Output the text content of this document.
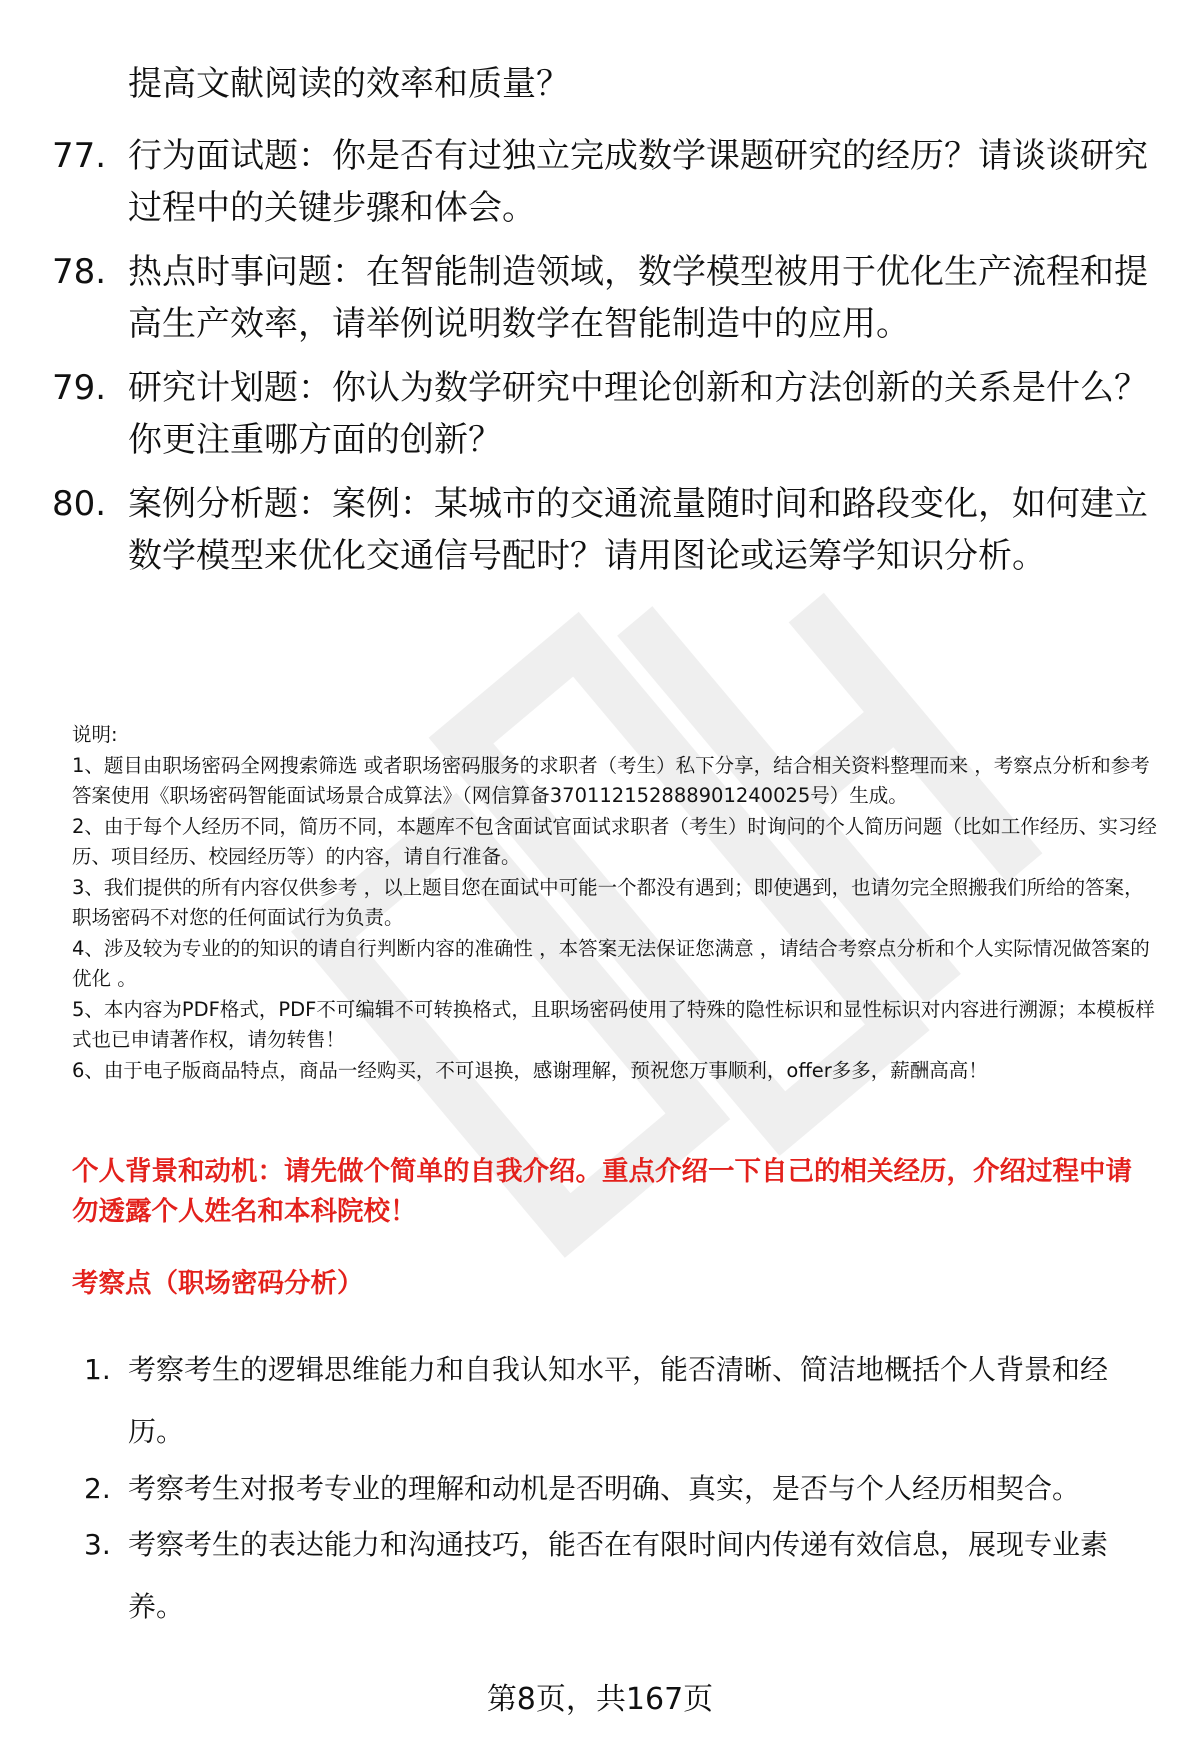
提高文献阅读的效率和质量？

77. 行为面试题：你是否有过独立完成数学课题研究的经历？请谈谈研究过程中的关键步骤和体会。

78. 热点时事问题：在智能制造领域，数学模型被用于优化生产流程和提高生产效率，请举例说明数学在智能制造中的应用。

79. 研究计划题：你认为数学研究中理论创新和方法创新的关系是什么？你更注重哪方面的创新？

80. 案例分析题：案例：某城市的交通流量随时间和路段变化，如何建立数学模型来优化交通信号配时？请用图论或运筹学知识分析。

说明:

1、题目由职场密码全网搜索筛选 或者职场密码服务的求职者（考生）私下分享，结合相关资料整理而来 ，考察点分析和参考答案使用《职场密码智能面试场景合成算法》（网信算备370112152888901240025号）生成。

2、由于每个人经历不同，简历不同，本题库不包含面试官面试求职者（考生）时询问的个人简历问题（比如工作经历、实习经历、项目经历、校园经历等）的内容，请自行准备。

3、我们提供的所有内容仅供参考 ，以上题目您在面试中可能一个都没有遇到；即使遇到，也请勿完全照搬我们所给的答案，职场密码不对您的任何面试行为负责。

4、涉及较为专业的的知识的请自行判断内容的准确性 ，本答案无法保证您满意 ，请结合考察点分析和个人实际情况做答案的优化 。

5、本内容为PDF格式，PDF不可编辑不可转换格式，且职场密码使用了特殊的隐性标识和显性标识对内容进行溯源；本模板样式也已申请著作权，请勿转售！

6、由于电子版商品特点，商品一经购买，不可退换，感谢理解，预祝您万事顺利，offer多多，薪酬高高！

个人背景和动机：请先做个简单的自我介绍。重点介绍一下自己的相关经历，介绍过程中请勿透露个人姓名和本科院校！

考察点（职场密码分析）

1. 考察考生的逻辑思维能力和自我认知水平，能否清晰、简洁地概括个人背景和经历。

2. 考察考生对报考专业的理解和动机是否明确、真实，是否与个人经历相契合。

3. 考察考生的表达能力和沟通技巧，能否在有限时间内传递有效信息，展现专业素养。

第8页，共167页
